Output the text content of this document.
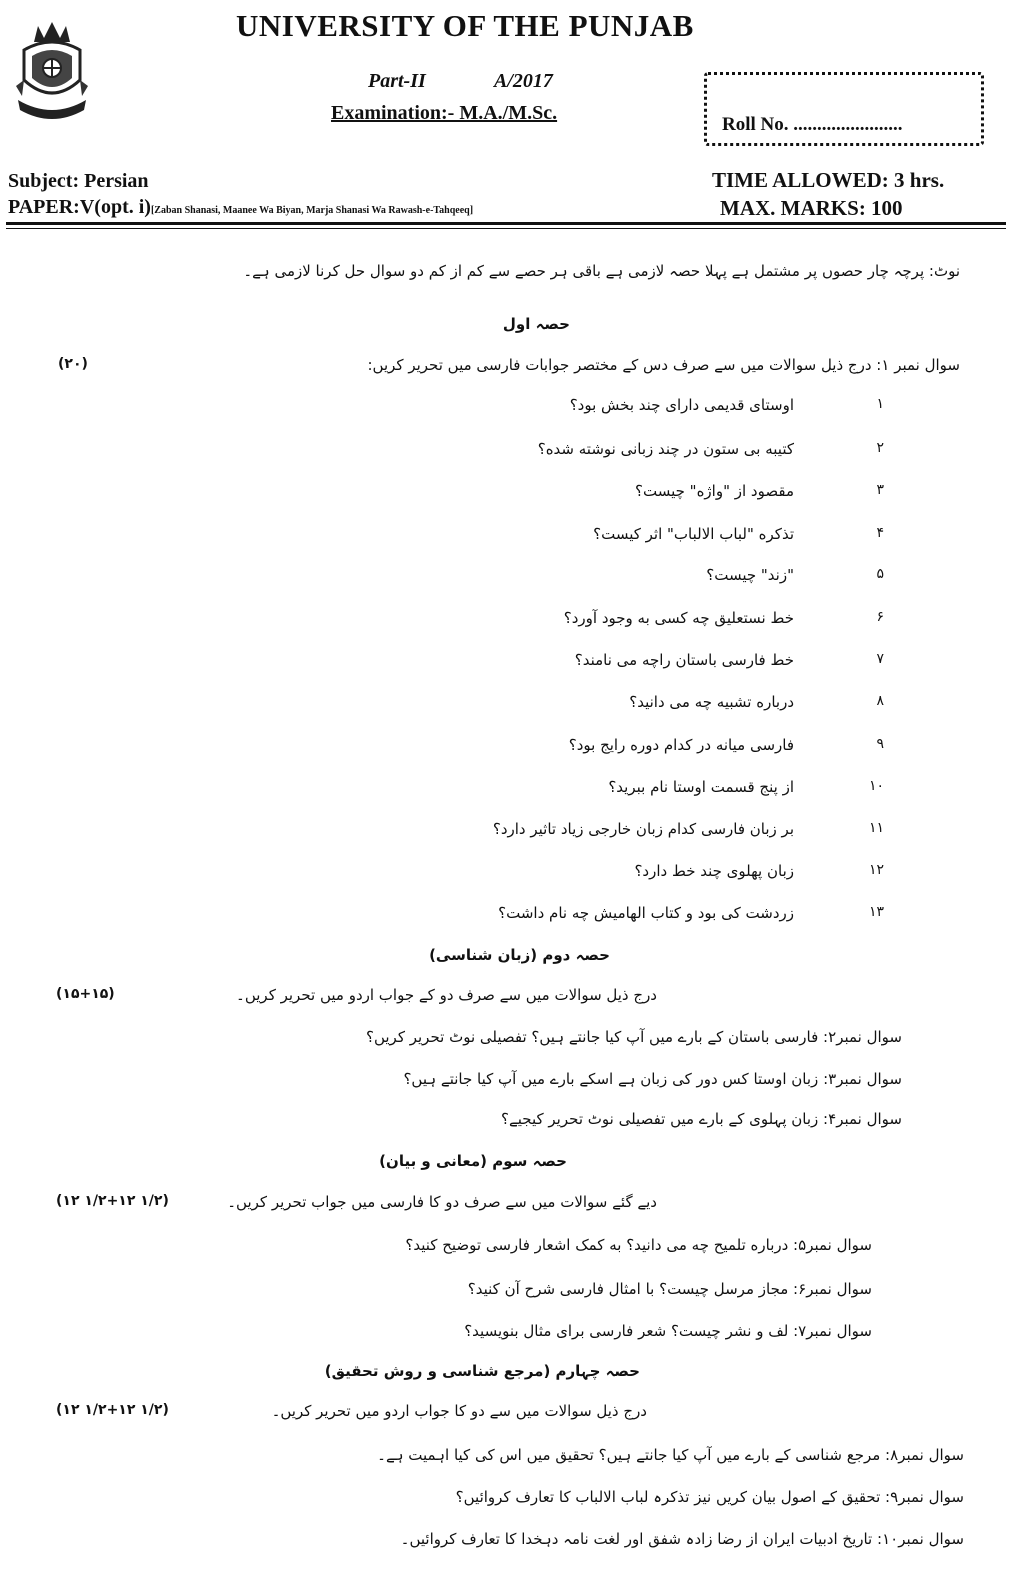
UNIVERSITY OF THE PUNJAB
Part-II	A/2017
Examination:- M.A./M.Sc.
Roll No. .......................
Subject: Persian
PAPER:V(opt. i)[Zaban Shanasi, Maanee Wa Biyan, Marja Shanasi Wa Rawash-e-Tahqeeq]
TIME ALLOWED: 3 hrs.
MAX. MARKS: 100
نوٹ: پرچہ چار حصوں پر مشتمل ہے پہلا حصہ لازمی ہے باقی ہر حصے سے کم از کم دو سوال حل کرنا لازمی ہے۔
حصہ اول
سوال نمبر ۱: درج ذیل سوالات میں سے صرف دس کے مختصر جوابات فارسی میں تحریر کریں:
(۲۰)
۱
اوستای قدیمی دارای چند بخش بود؟
۲
کتیبه بی ستون در چند زبانی نوشته شده؟
۳
مقصود از "واژه" چیست؟
۴
تذکره "لباب الالباب" اثر کیست؟
۵
"زند" چیست؟
۶
خط نستعلیق چه کسی به وجود آورد؟
۷
خط فارسی باستان راچه می نامند؟
۸
درباره تشبیه چه می دانید؟
۹
فارسی میانه در کدام دوره رایج بود؟
۱۰
از پنج قسمت اوستا نام ببرید؟
۱۱
بر زبان فارسی کدام زبان خارجی زیاد تاثیر دارد؟
۱۲
زبان پهلوی چند خط دارد؟
۱۳
زردشت کی بود و کتاب الهامیش چه نام داشت؟
حصہ دوم (زبان شناسی)
(۱۵+۱۵)	درج ذیل سوالات میں سے صرف دو کے جواب اردو میں تحریر کریں۔
سوال نمبر۲: فارسی باستان کے بارے میں آپ کیا جانتے ہیں؟ تفصیلی نوٹ تحریر کریں؟
سوال نمبر۳: زبان اوستا کس دور کی زبان ہے اسکے بارے میں آپ کیا جانتے ہیں؟
سوال نمبر۴: زبان پہلوی کے بارے میں تفصیلی نوٹ تحریر کیجیے؟
حصہ سوم (معانی و بیان)
(۱۲ ۱/۲+۱۲ ۱/۲)	دیے گئے سوالات میں سے صرف دو کا فارسی میں جواب تحریر کریں۔
سوال نمبر۵: درباره تلمیح چه می دانید؟ به کمک اشعار فارسی توضیح کنید؟
سوال نمبر۶: مجاز مرسل چیست؟ با امثال فارسی شرح آن کنید؟
سوال نمبر۷: لف و نشر چیست؟ شعر فارسی برای مثال بنویسید؟
حصہ چہارم (مرجع شناسی و روش تحقیق)
(۱۲ ۱/۲+۱۲ ۱/۲)	درج ذیل سوالات میں سے دو کا جواب اردو میں تحریر کریں۔
سوال نمبر۸: مرجع شناسی کے بارے میں آپ کیا جانتے ہیں؟ تحقیق میں اس کی کیا اہمیت ہے۔
سوال نمبر۹: تحقیق کے اصول بیان کریں نیز تذکرہ لباب الالباب کا تعارف کروائیں؟
سوال نمبر۱۰: تاریخ ادبیات ایران از رضا زادہ شفق اور لغت نامہ دہخدا کا تعارف کروائیں۔
